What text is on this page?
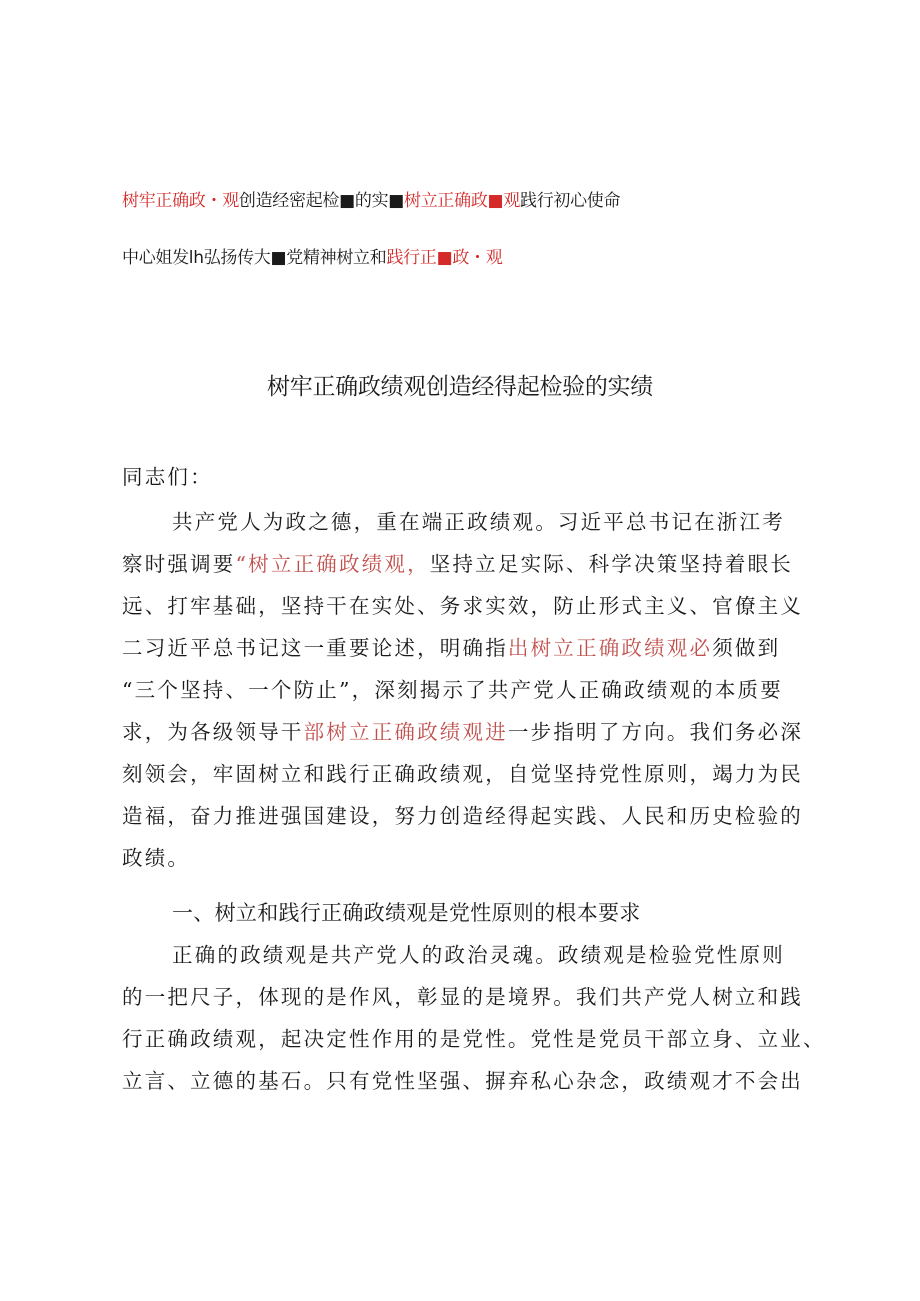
树牢正确政・观创造经密起检■的实■树立正确政■观践行初心使命
中心姐发lh弘扬传大■党精神树立和践行正■政・观
树牢正确政绩观创造经得起检验的实绩
同志们：
共产党人为政之德，重在端正政绩观。习近平总书记在浙江考
察时强调要“树立正确政绩观，坚持立足实际、科学决策坚持着眼长
远、打牢基础，坚持干在实处、务求实效，防止形式主义、官僚主义
二习近平总书记这一重要论述，明确指出树立正确政绩观必须做到
“三个坚持、一个防止”，深刻揭示了共产党人正确政绩观的本质要
求，为各级领导干部树立正确政绩观进一步指明了方向。我们务必深
刻领会，牢固树立和践行正确政绩观，自觉坚持党性原则，竭力为民
造福，奋力推进强国建设，努力创造经得起实践、人民和历史检验的
政绩。
一、树立和践行正确政绩观是党性原则的根本要求
正确的政绩观是共产党人的政治灵魂。政绩观是检验党性原则
的一把尺子，体现的是作风，彰显的是境界。我们共产党人树立和践
行正确政绩观，起决定性作用的是党性。党性是党员干部立身、立业、
立言、立德的基石。只有党性坚强、摒弃私心杂念，政绩观才不会出
